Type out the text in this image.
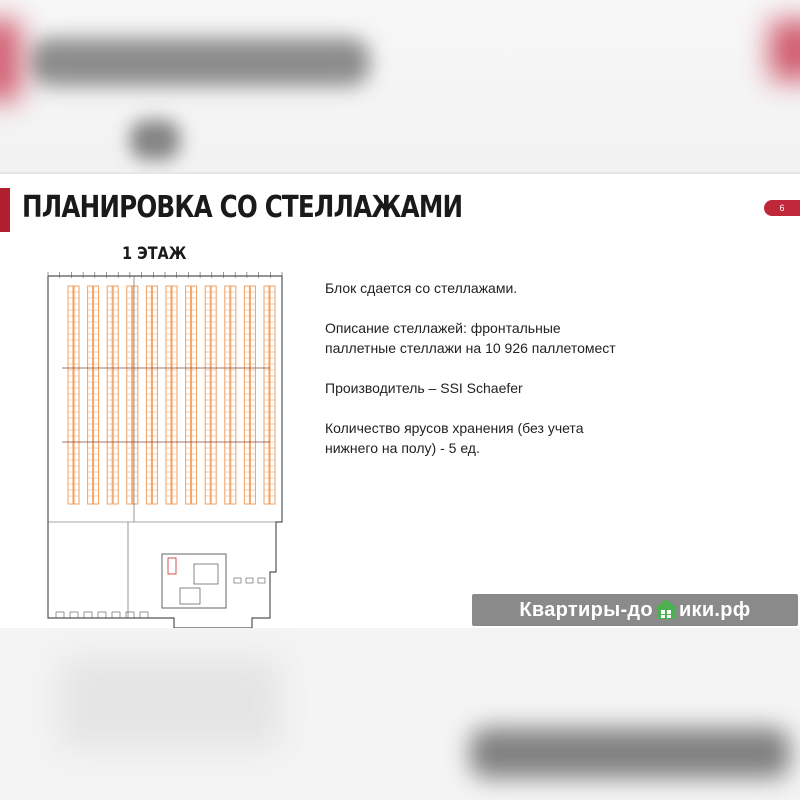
ПЛАНИРОВКА СО СТЕЛЛАЖАМИ	6
1 ЭТАЖ

Блок сдается со стеллажами.

Описание стеллажей: фронтальные паллетные стеллажи на 10 926 паллетомест

Производитель – SSI Schaefer

Количество ярусов хранения (без учета нижнего на полу) - 5 ед.

Квартиры-до ики.рф
